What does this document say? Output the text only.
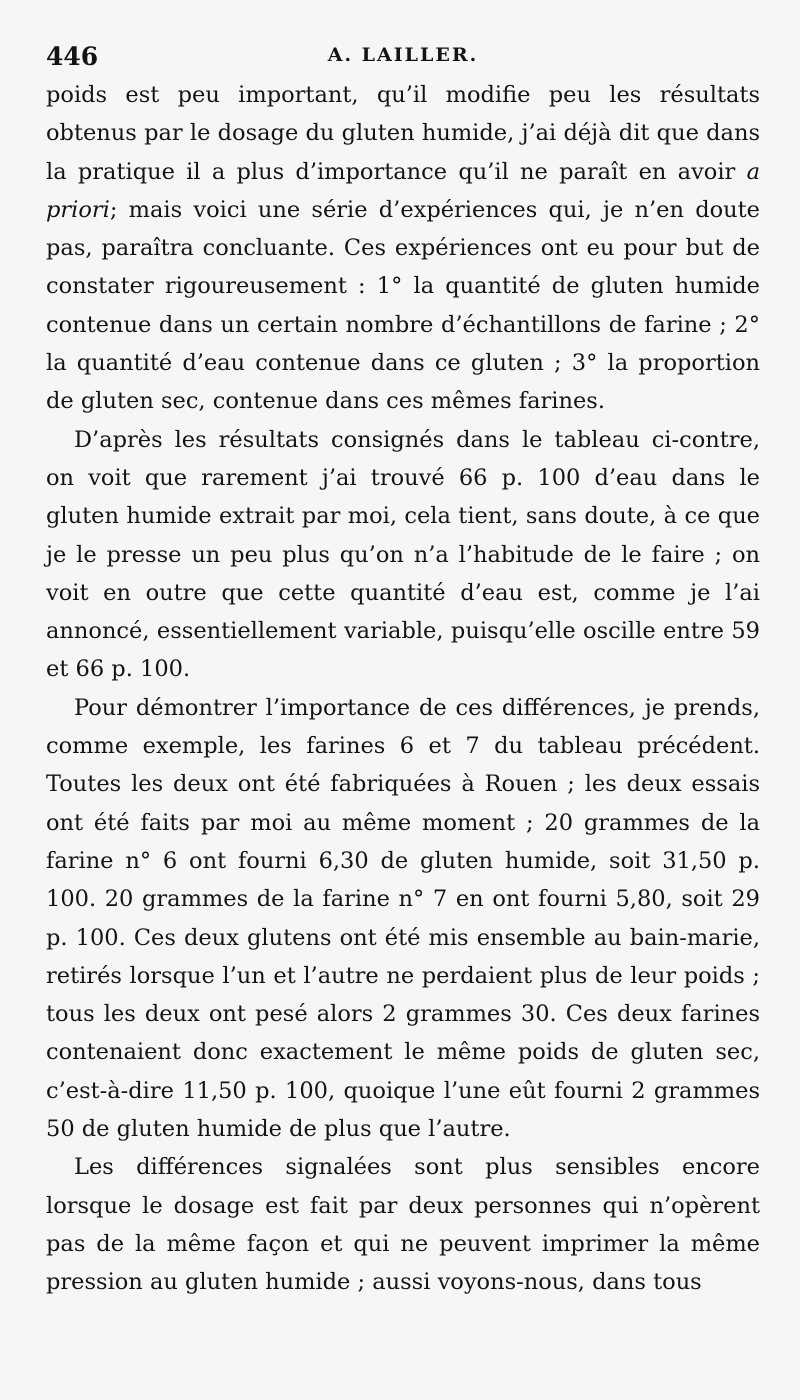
446	A. LAILLER.

poids est peu important, qu’il modifie peu les résultats obtenus par le dosage du gluten humide, j’ai déjà dit que dans la pratique il a plus d’importance qu’il ne paraît en avoir a priori; mais voici une série d’expériences qui, je n’en doute pas, paraîtra concluante. Ces expériences ont eu pour but de constater rigoureusement : 1° la quantité de gluten humide contenue dans un certain nombre d’échantillons de farine ; 2° la quantité d’eau contenue dans ce gluten ; 3° la proportion de gluten sec, contenue dans ces mêmes farines.

D’après les résultats consignés dans le tableau ci-contre, on voit que rarement j’ai trouvé 66 p. 100 d’eau dans le gluten humide extrait par moi, cela tient, sans doute, à ce que je le presse un peu plus qu’on n’a l’habitude de le faire ; on voit en outre que cette quantité d’eau est, comme je l’ai annoncé, essentiellement variable, puisqu’elle oscille entre 59 et 66 p. 100.

Pour démontrer l’importance de ces différences, je prends, comme exemple, les farines 6 et 7 du tableau précédent. Toutes les deux ont été fabriquées à Rouen ; les deux essais ont été faits par moi au même moment ; 20 grammes de la farine n° 6 ont fourni 6,30 de gluten humide, soit 31,50 p. 100. 20 grammes de la farine n° 7 en ont fourni 5,80, soit 29 p. 100. Ces deux glutens ont été mis ensemble au bain-marie, retirés lorsque l’un et l’autre ne perdaient plus de leur poids ; tous les deux ont pesé alors 2 grammes 30. Ces deux farines contenaient donc exactement le même poids de gluten sec, c’est-à-dire 11,50 p. 100, quoique l’une eût fourni 2 grammes 50 de gluten humide de plus que l’autre.

Les différences signalées sont plus sensibles encore lorsque le dosage est fait par deux personnes qui n’opèrent pas de la même façon et qui ne peuvent imprimer la même pression au gluten humide ; aussi voyons-nous, dans tous
